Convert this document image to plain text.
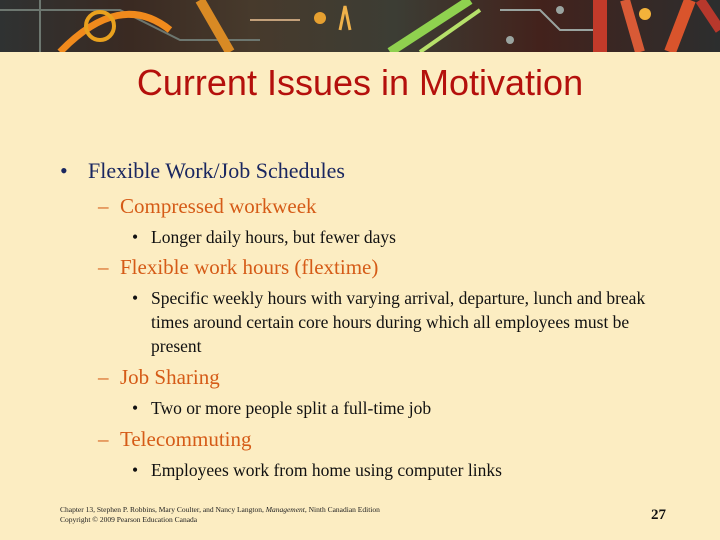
Current Issues in Motivation
• Flexible Work/Job Schedules
– Compressed workweek
• Longer daily hours, but fewer days
– Flexible work hours (flextime)
• Specific weekly hours with varying arrival, departure, lunch and break times around certain core hours during which all employees must be present
– Job Sharing
• Two or more people split a full-time job
– Telecommuting
• Employees work from home using computer links
Chapter 13, Stephen P. Robbins, Mary Coulter, and Nancy Langton, Management, Ninth Canadian Edition
Copyright © 2009 Pearson Education Canada	27
